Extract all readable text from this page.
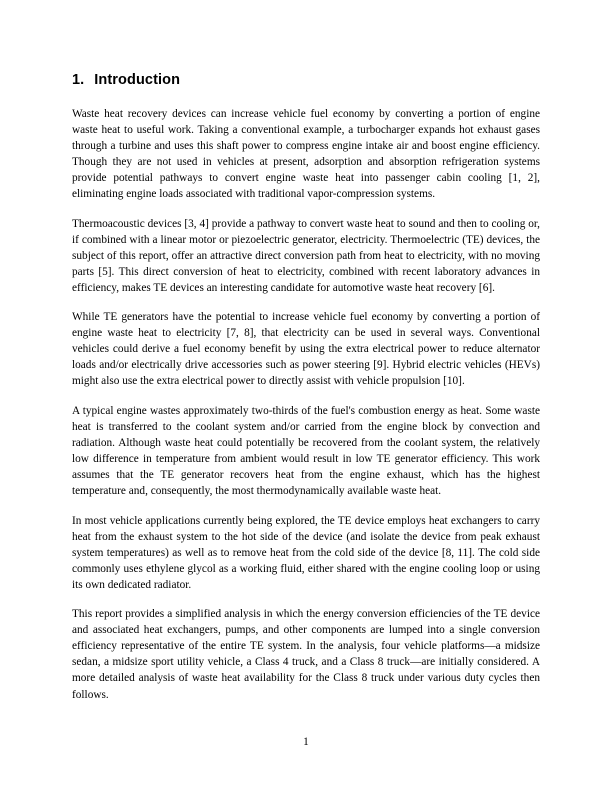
1. Introduction

Waste heat recovery devices can increase vehicle fuel economy by converting a portion of engine waste heat to useful work. Taking a conventional example, a turbocharger expands hot exhaust gases through a turbine and uses this shaft power to compress engine intake air and boost engine efficiency. Though they are not used in vehicles at present, adsorption and absorption refrigeration systems provide potential pathways to convert engine waste heat into passenger cabin cooling [1, 2], eliminating engine loads associated with traditional vapor-compression systems.

Thermoacoustic devices [3, 4] provide a pathway to convert waste heat to sound and then to cooling or, if combined with a linear motor or piezoelectric generator, electricity. Thermoelectric (TE) devices, the subject of this report, offer an attractive direct conversion path from heat to electricity, with no moving parts [5]. This direct conversion of heat to electricity, combined with recent laboratory advances in efficiency, makes TE devices an interesting candidate for automotive waste heat recovery [6].

While TE generators have the potential to increase vehicle fuel economy by converting a portion of engine waste heat to electricity [7, 8], that electricity can be used in several ways. Conventional vehicles could derive a fuel economy benefit by using the extra electrical power to reduce alternator loads and/or electrically drive accessories such as power steering [9]. Hybrid electric vehicles (HEVs) might also use the extra electrical power to directly assist with vehicle propulsion [10].

A typical engine wastes approximately two-thirds of the fuel's combustion energy as heat. Some waste heat is transferred to the coolant system and/or carried from the engine block by convection and radiation. Although waste heat could potentially be recovered from the coolant system, the relatively low difference in temperature from ambient would result in low TE generator efficiency. This work assumes that the TE generator recovers heat from the engine exhaust, which has the highest temperature and, consequently, the most thermodynamically available waste heat.

In most vehicle applications currently being explored, the TE device employs heat exchangers to carry heat from the exhaust system to the hot side of the device (and isolate the device from peak exhaust system temperatures) as well as to remove heat from the cold side of the device [8, 11]. The cold side commonly uses ethylene glycol as a working fluid, either shared with the engine cooling loop or using its own dedicated radiator.

This report provides a simplified analysis in which the energy conversion efficiencies of the TE device and associated heat exchangers, pumps, and other components are lumped into a single conversion efficiency representative of the entire TE system. In the analysis, four vehicle platforms—a midsize sedan, a midsize sport utility vehicle, a Class 4 truck, and a Class 8 truck—are initially considered. A more detailed analysis of waste heat availability for the Class 8 truck under various duty cycles then follows.

1
